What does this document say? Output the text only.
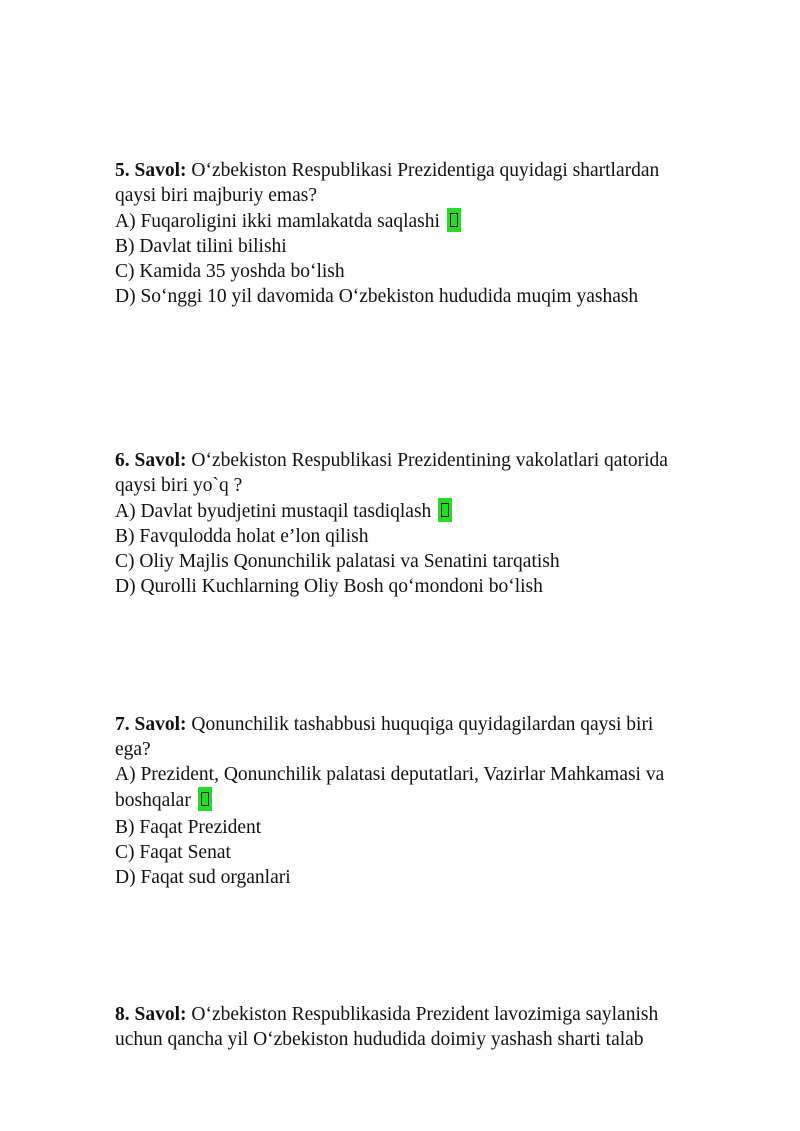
5. Savol: O‘zbekiston Respublikasi Prezidentiga quyidagi shartlardan
qaysi biri majburiy emas?
A) Fuqaroligini ikki mamlakatda saqlashi
B) Davlat tilini bilishi
C) Kamida 35 yoshda bo‘lish
D) So‘nggi 10 yil davomida O‘zbekiston hududida muqim yashash
6. Savol: O‘zbekiston Respublikasi Prezidentining vakolatlari qatorida
qaysi biri yo`q ?
A) Davlat byudjetini mustaqil tasdiqlash
B) Favqulodda holat e’lon qilish
C) Oliy Majlis Qonunchilik palatasi va Senatini tarqatish
D) Qurolli Kuchlarning Oliy Bosh qo‘mondoni bo‘lish
7. Savol: Qonunchilik tashabbusi huquqiga quyidagilardan qaysi biri
ega?
A) Prezident, Qonunchilik palatasi deputatlari, Vazirlar Mahkamasi va
boshqalar
B) Faqat Prezident
C) Faqat Senat
D) Faqat sud organlari
8. Savol: O‘zbekiston Respublikasida Prezident lavozimiga saylanish
uchun qancha yil O‘zbekiston hududida doimiy yashash sharti talab
